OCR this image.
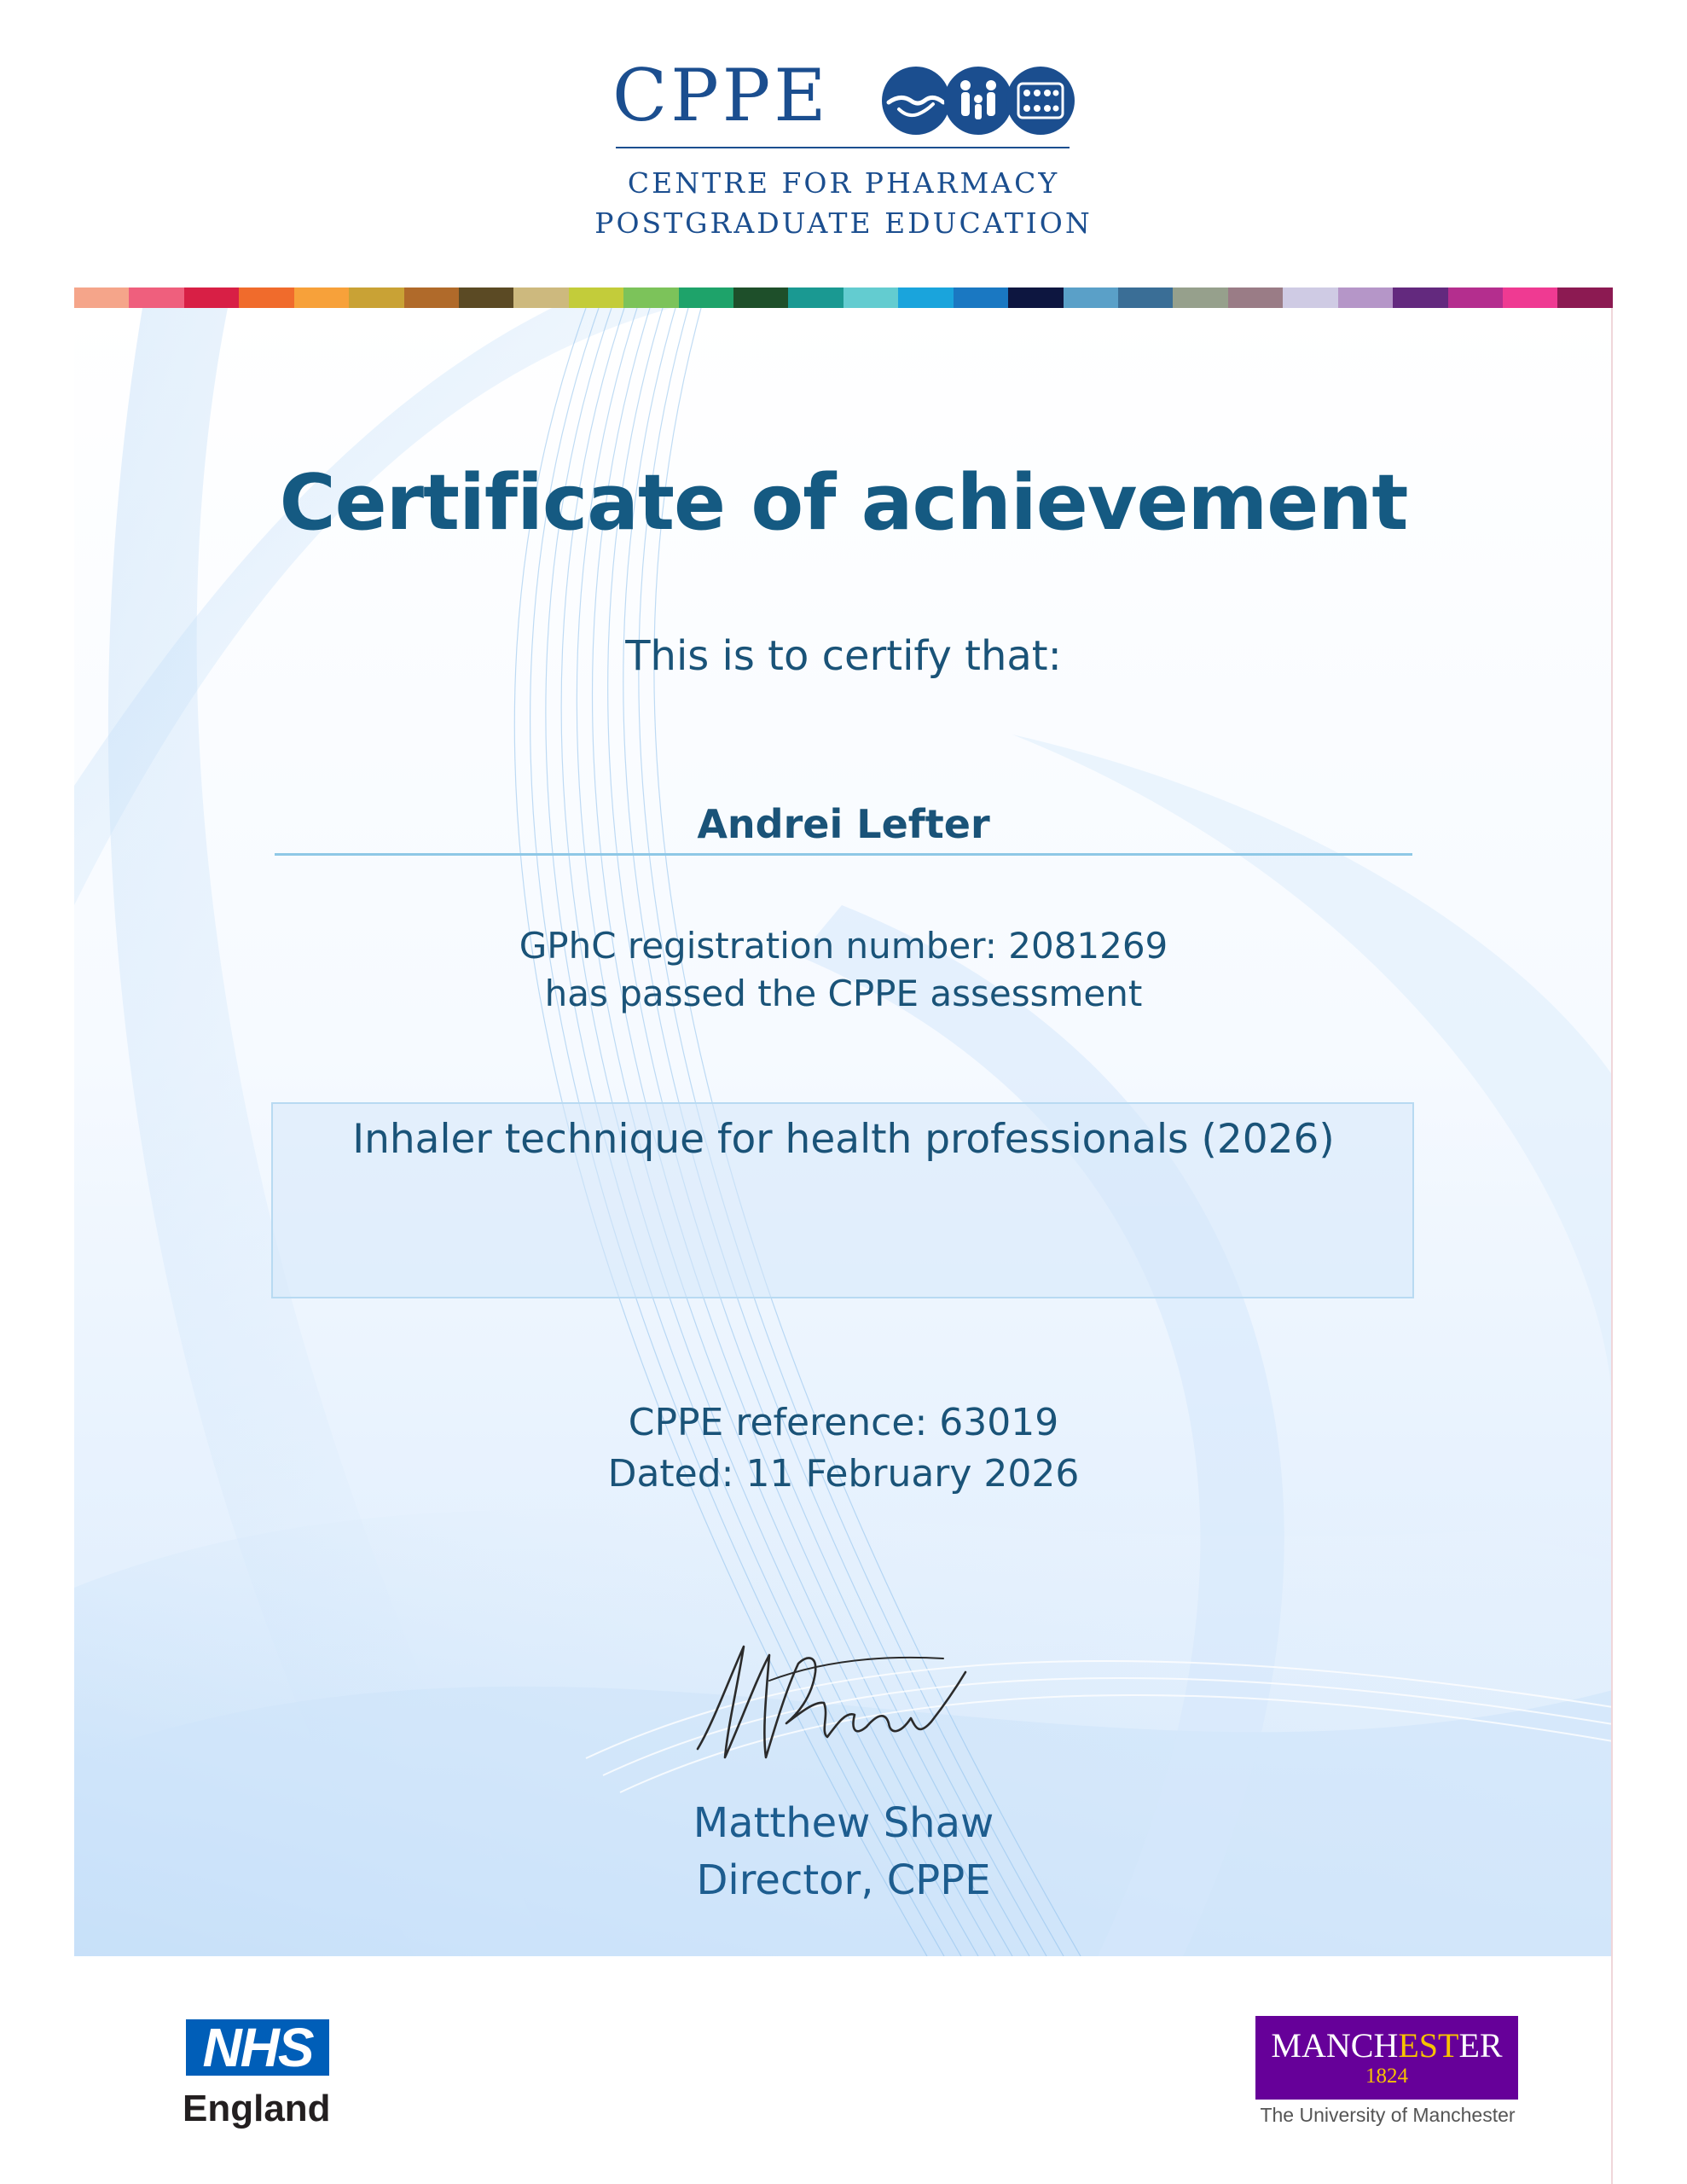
CPPE
CENTRE FOR PHARMACY
POSTGRADUATE EDUCATION
Certificate of achievement
This is to certify that:
Andrei Lefter
GPhC registration number: 2081269
has passed the CPPE assessment
Inhaler technique for health professionals (2026)
CPPE reference: 63019
Dated: 11 February 2026
Matthew Shaw
Director, CPPE
NHS
England
MANCHESTER
1824
The University of Manchester
